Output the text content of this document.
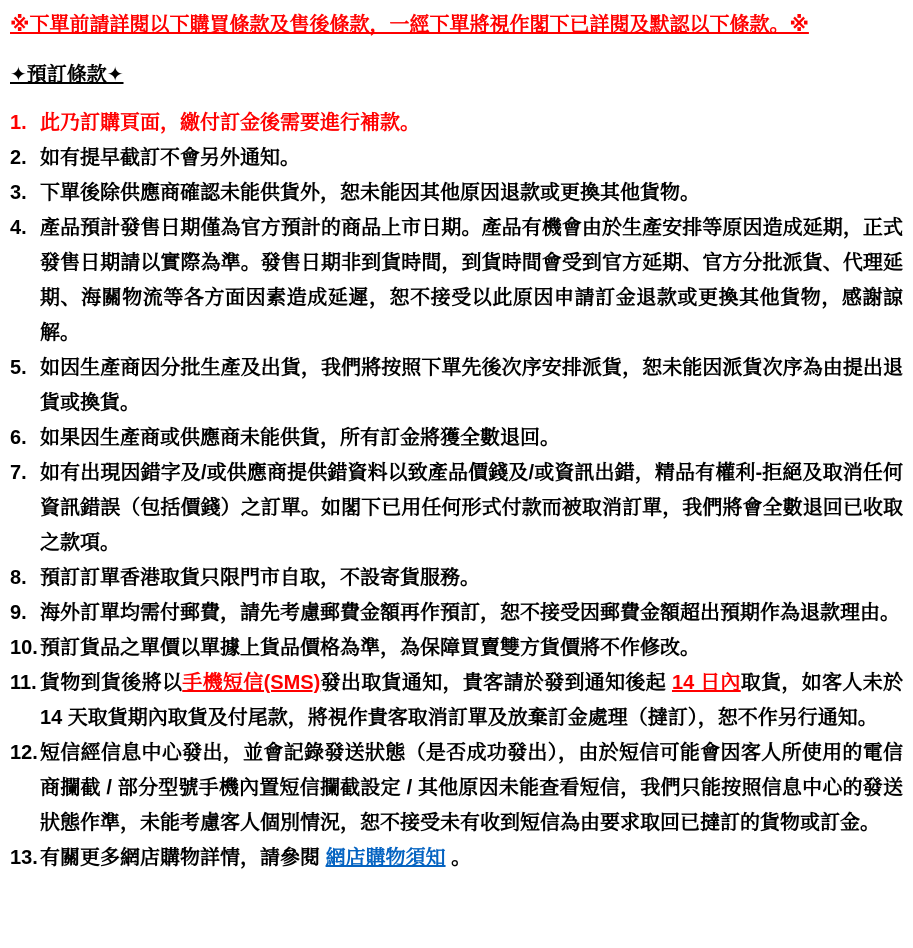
※下單前請詳閱以下購買條款及售後條款，一經下單將視作閣下已詳閱及默認以下條款。※
✦預訂條款✦
1. 此乃訂購頁面，繳付訂金後需要進行補款。
2. 如有提早截訂不會另外通知。
3. 下單後除供應商確認未能供貨外，恕未能因其他原因退款或更換其他貨物。
4. 產品預計發售日期僅為官方預計的商品上市日期。產品有機會由於生產安排等原因造成延期，正式發售日期請以實際為準。發售日期非到貨時間，到貨時間會受到官方延期、官方分批派貨、代理延期、海關物流等各方面因素造成延遲，恕不接受以此原因申請訂金退款或更換其他貨物，感謝諒解。
5. 如因生產商因分批生產及出貨，我們將按照下單先後次序安排派貨，恕未能因派貨次序為由提出退貨或換貨。
6. 如果因生產商或供應商未能供貨，所有訂金將獲全數退回。
7. 如有出現因錯字及/或供應商提供錯資料以致產品價錢及/或資訊出錯，精品有權利-拒絕及取消任何資訊錯誤（包括價錢）之訂單。如閣下已用任何形式付款而被取消訂單，我們將會全數退回已收取之款項。
8. 預訂訂單香港取貨只限門市自取，不設寄貨服務。
9. 海外訂單均需付郵費，請先考慮郵費金額再作預訂，恕不接受因郵費金額超出預期作為退款理由。
10. 預訂貨品之單價以單據上貨品價格為準，為保障買賣雙方貨價將不作修改。
11. 貨物到貨後將以手機短信(SMS)發出取貨通知，貴客請於發到通知後起 14 日內取貨，如客人未於 14 天取貨期內取貨及付尾款，將視作貴客取消訂單及放棄訂金處理（撻訂），恕不作另行通知。
12. 短信經信息中心發出，並會記錄發送狀態（是否成功發出），由於短信可能會因客人所使用的電信商攔截 / 部分型號手機內置短信攔截設定 / 其他原因未能查看短信，我們只能按照信息中心的發送狀態作準，未能考慮客人個別情況，恕不接受未有收到短信為由要求取回已撻訂的貨物或訂金。
13. 有關更多網店購物詳情，請參閱 網店購物須知 。
